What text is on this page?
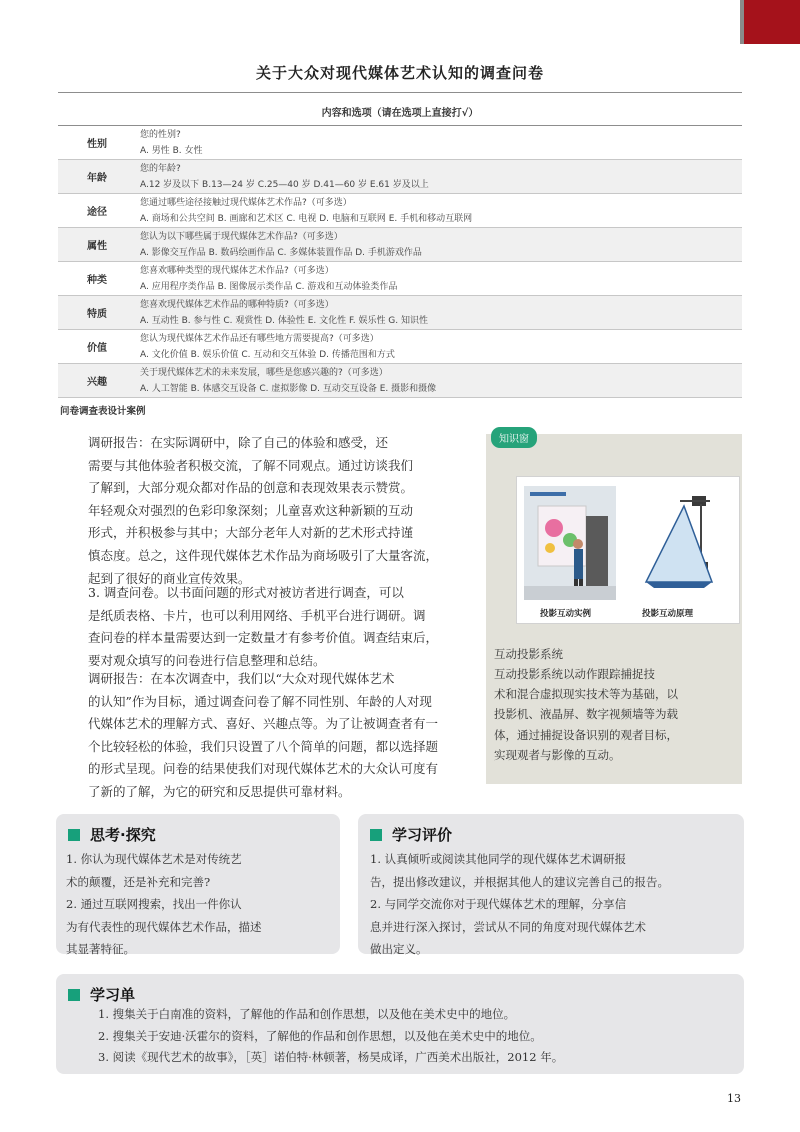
关于大众对现代媒体艺术认知的调查问卷
内容和选项（请在选项上直接打√）
性别
您的性别?
A. 男性 B. 女性
年龄
您的年龄?
A.12 岁及以下 B.13—24 岁 C.25—40 岁 D.41—60 岁 E.61 岁及以上
途径
您通过哪些途径接触过现代媒体艺术作品?（可多选）
A. 商场和公共空间 B. 画廊和艺术区 C. 电视 D. 电脑和互联网 E. 手机和移动互联网
属性
您认为以下哪些属于现代媒体艺术作品?（可多选）
A. 影像交互作品 B. 数码绘画作品 C. 多媒体装置作品 D. 手机游戏作品
种类
您喜欢哪种类型的现代媒体艺术作品?（可多选）
A. 应用程序类作品 B. 图像展示类作品 C. 游戏和互动体验类作品
特质
您喜欢现代媒体艺术作品的哪种特质?（可多选）
A. 互动性 B. 参与性 C. 观赏性 D. 体验性 E. 文化性 F. 娱乐性 G. 知识性
价值
您认为现代媒体艺术作品还有哪些地方需要提高?（可多选）
A. 文化价值 B. 娱乐价值 C. 互动和交互体验 D. 传播范围和方式
兴趣
关于现代媒体艺术的未来发展，哪些是您感兴趣的?（可多选）
A. 人工智能 B. 体感交互设备 C. 虚拟影像 D. 互动交互设备 E. 摄影和摄像
问卷调查表设计案例

调研报告：在实际调研中，除了自己的体验和感受，还

需要与其他体验者积极交流，了解不同观点。通过访谈我们

了解到，大部分观众都对作品的创意和表现效果表示赞赏。

年轻观众对强烈的色彩印象深刻；儿童喜欢这种新颖的互动

形式，并积极参与其中；大部分老年人对新的艺术形式持谨

慎态度。总之，这件现代媒体艺术作品为商场吸引了大量客流，

起到了很好的商业宣传效果。

3. 调查问卷。以书面问题的形式对被访者进行调查，可以

是纸质表格、卡片，也可以利用网络、手机平台进行调研。调

查问卷的样本量需要达到一定数量才有参考价值。调查结束后，

要对观众填写的问卷进行信息整理和总结。

调研报告：在本次调查中，我们以“大众对现代媒体艺术

的认知”作为目标，通过调查问卷了解不同性别、年龄的人对现

代媒体艺术的理解方式、喜好、兴趣点等。为了让被调查者有一

个比较轻松的体验，我们只设置了八个简单的问题，都以选择题

的形式呈现。问卷的结果使我们对现代媒体艺术的大众认可度有

了新的了解，为它的研究和反思提供可靠材料。

知识窗
投影互动实例	投影互动原理
互动投影系统

互动投影系统以动作跟踪捕捉技

术和混合虚拟现实技术等为基础，以

投影机、液晶屏、数字视频墙等为载

体，通过捕捉设备识别的观者目标，

实现观者与影像的互动。

思考·探究

1. 你认为现代媒体艺术是对传统艺

术的颠覆，还是补充和完善?

2. 通过互联网搜索，找出一件你认

为有代表性的现代媒体艺术作品，描述

其显著特征。

学习评价

1. 认真倾听或阅读其他同学的现代媒体艺术调研报

告，提出修改建议，并根据其他人的建议完善自己的报告。

2. 与同学交流你对于现代媒体艺术的理解，分享信

息并进行深入探讨，尝试从不同的角度对现代媒体艺术

做出定义。

学习单

1. 搜集关于白南准的资料，了解他的作品和创作思想，以及他在美术史中的地位。

2. 搜集关于安迪·沃霍尔的资料，了解他的作品和创作思想，以及他在美术史中的地位。

3. 阅读《现代艺术的故事》，［英］诺伯特·林顿著，杨昊成译，广西美术出版社，2012 年。

13
